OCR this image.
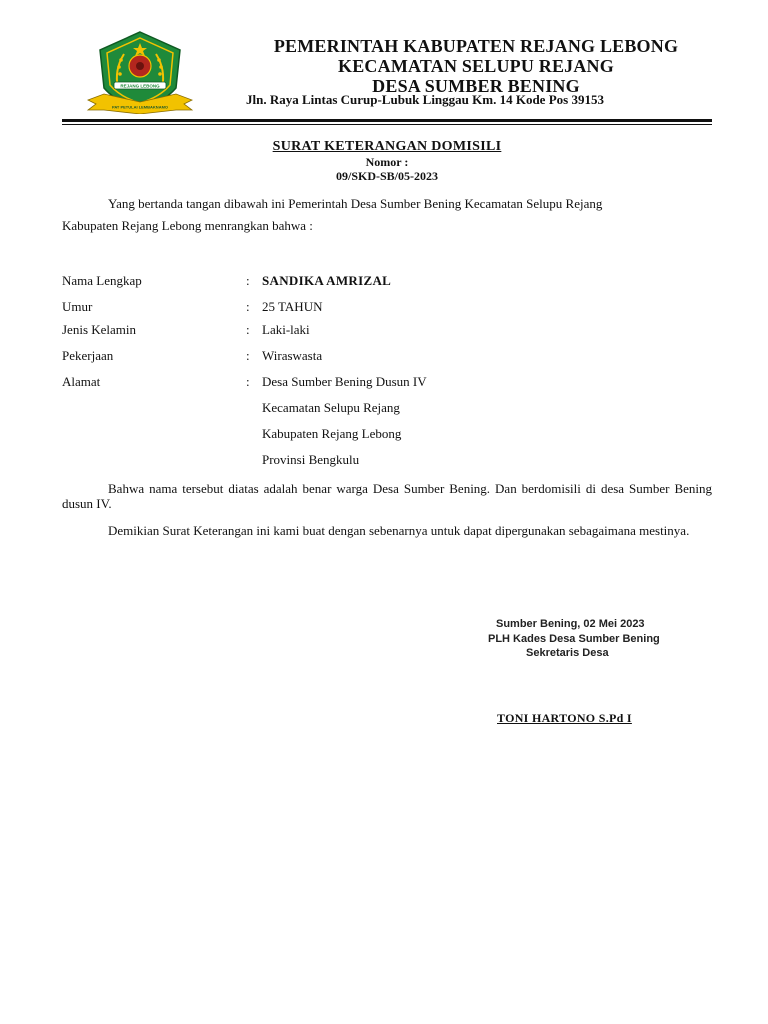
REJANG LEBONG
PAT PETULAI LEMBAKNAMO
PEMERINTAH KABUPATEN REJANG LEBONG
KECAMATAN SELUPU REJANG
DESA SUMBER BENING
Jln. Raya Lintas Curup-Lubuk Linggau Km. 14 Kode Pos 39153
SURAT KETERANGAN DOMISILI
Nomor :
09/SKD-SB/05-2023
Yang bertanda tangan dibawah ini Pemerintah Desa Sumber Bening Kecamatan Selupu Rejang
Kabupaten Rejang Lebong menrangkan bahwa :
Nama Lengkap	: SANDIKA AMRIZAL
Umur	: 25 TAHUN
Jenis Kelamin	: Laki-laki
Pekerjaan	: Wiraswasta
Alamat	: Desa Sumber Bening Dusun IV
Kecamatan Selupu Rejang
Kabupaten Rejang Lebong
Provinsi Bengkulu
Bahwa nama tersebut diatas adalah benar warga Desa Sumber Bening. Dan berdomisili di desa Sumber Bening dusun IV.
Demikian Surat Keterangan ini kami buat dengan sebenarnya untuk dapat dipergunakan sebagaimana mestinya.
Sumber Bening, 02 Mei 2023
PLH Kades Desa Sumber Bening
Sekretaris Desa
TONI HARTONO S.Pd I
